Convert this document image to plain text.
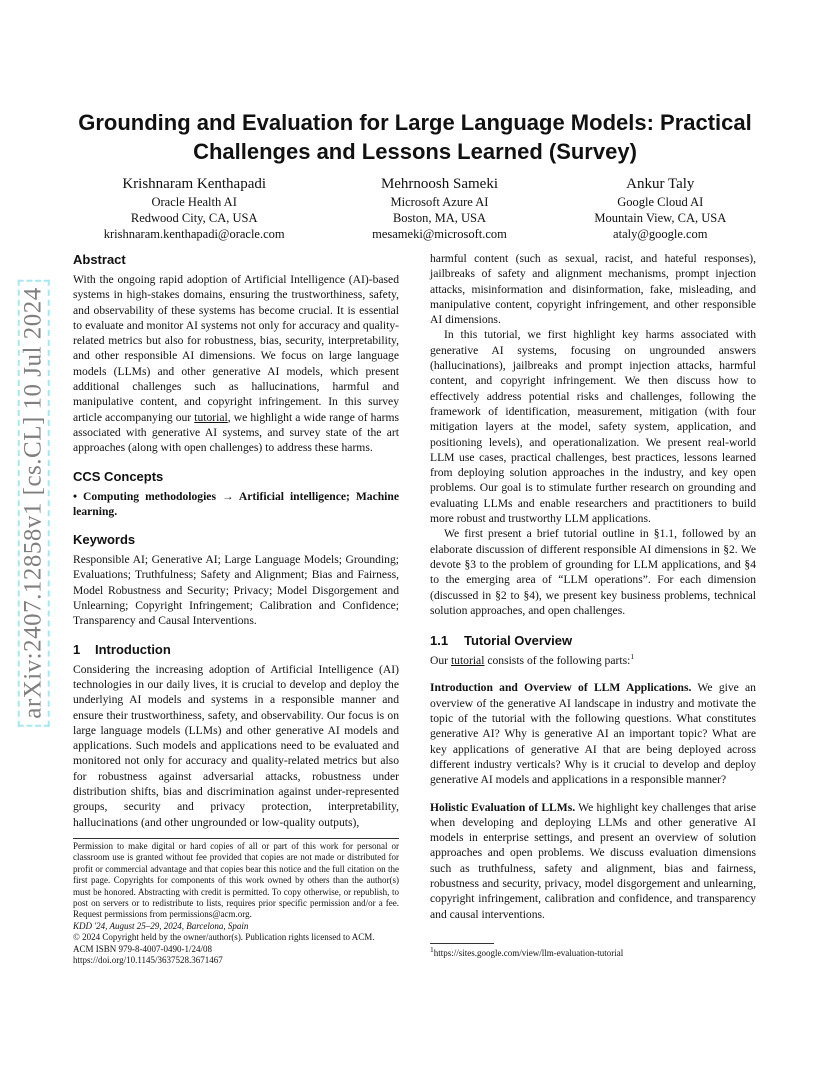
arXiv:2407.12858v1 [cs.CL] 10 Jul 2024
Grounding and Evaluation for Large Language Models: Practical Challenges and Lessons Learned (Survey)
Krishnaram Kenthapadi
Oracle Health AI
Redwood City, CA, USA
krishnaram.kenthapadi@oracle.com
Mehrnoosh Sameki
Microsoft Azure AI
Boston, MA, USA
mesameki@microsoft.com
Ankur Taly
Google Cloud AI
Mountain View, CA, USA
ataly@google.com
Abstract

With the ongoing rapid adoption of Artificial Intelligence (AI)-based systems in high-stakes domains, ensuring the trustworthiness, safety, and observability of these systems has become crucial. It is essential to evaluate and monitor AI systems not only for accuracy and quality-related metrics but also for robustness, bias, security, interpretability, and other responsible AI dimensions. We focus on large language models (LLMs) and other generative AI models, which present additional challenges such as hallucinations, harmful and manipulative content, and copyright infringement. In this survey article accompanying our tutorial, we highlight a wide range of harms associated with generative AI systems, and survey state of the art approaches (along with open challenges) to address these harms.

CCS Concepts

• Computing methodologies → Artificial intelligence; Machine learning.

Keywords

Responsible AI; Generative AI; Large Language Models; Grounding; Evaluations; Truthfulness; Safety and Alignment; Bias and Fairness, Model Robustness and Security; Privacy; Model Disgorgement and Unlearning; Copyright Infringement; Calibration and Confidence; Transparency and Causal Interventions.

1 Introduction

Considering the increasing adoption of Artificial Intelligence (AI) technologies in our daily lives, it is crucial to develop and deploy the underlying AI models and systems in a responsible manner and ensure their trustworthiness, safety, and observability. Our focus is on large language models (LLMs) and other generative AI models and applications. Such models and applications need to be evaluated and monitored not only for accuracy and quality-related metrics but also for robustness against adversarial attacks, robustness under distribution shifts, bias and discrimination against under-represented groups, security and privacy protection, interpretability, hallucinations (and other ungrounded or low-quality outputs),

Permission to make digital or hard copies of all or part of this work for personal or classroom use is granted without fee provided that copies are not made or distributed for profit or commercial advantage and that copies bear this notice and the full citation on the first page. Copyrights for components of this work owned by others than the author(s) must be honored. Abstracting with credit is permitted. To copy otherwise, or republish, to post on servers or to redistribute to lists, requires prior specific permission and/or a fee. Request permissions from permissions@acm.org.

KDD '24, August 25–29, 2024, Barcelona, Spain

© 2024 Copyright held by the owner/author(s). Publication rights licensed to ACM.

ACM ISBN 979-8-4007-0490-1/24/08

https://doi.org/10.1145/3637528.3671467

harmful content (such as sexual, racist, and hateful responses), jailbreaks of safety and alignment mechanisms, prompt injection attacks, misinformation and disinformation, fake, misleading, and manipulative content, copyright infringement, and other responsible AI dimensions.

In this tutorial, we first highlight key harms associated with generative AI systems, focusing on ungrounded answers (hallucinations), jailbreaks and prompt injection attacks, harmful content, and copyright infringement. We then discuss how to effectively address potential risks and challenges, following the framework of identification, measurement, mitigation (with four mitigation layers at the model, safety system, application, and positioning levels), and operationalization. We present real-world LLM use cases, practical challenges, best practices, lessons learned from deploying solution approaches in the industry, and key open problems. Our goal is to stimulate further research on grounding and evaluating LLMs and enable researchers and practitioners to build more robust and trustworthy LLM applications.

We first present a brief tutorial outline in §1.1, followed by an elaborate discussion of different responsible AI dimensions in §2. We devote §3 to the problem of grounding for LLM applications, and §4 to the emerging area of “LLM operations”. For each dimension (discussed in §2 to §4), we present key business problems, technical solution approaches, and open challenges.

1.1 Tutorial Overview

Our tutorial consists of the following parts:$^1$

Introduction and Overview of LLM Applications. We give an overview of the generative AI landscape in industry and motivate the topic of the tutorial with the following questions. What constitutes generative AI? Why is generative AI an important topic? What are key applications of generative AI that are being deployed across different industry verticals? Why is it crucial to develop and deploy generative AI models and applications in a responsible manner?

Holistic Evaluation of LLMs. We highlight key challenges that arise when developing and deploying LLMs and other generative AI models in enterprise settings, and present an overview of solution approaches and open problems. We discuss evaluation dimensions such as truthfulness, safety and alignment, bias and fairness, robustness and security, privacy, model disgorgement and unlearning, copyright infringement, calibration and confidence, and transparency and causal interventions.

$^1$https://sites.google.com/view/llm-evaluation-tutorial
